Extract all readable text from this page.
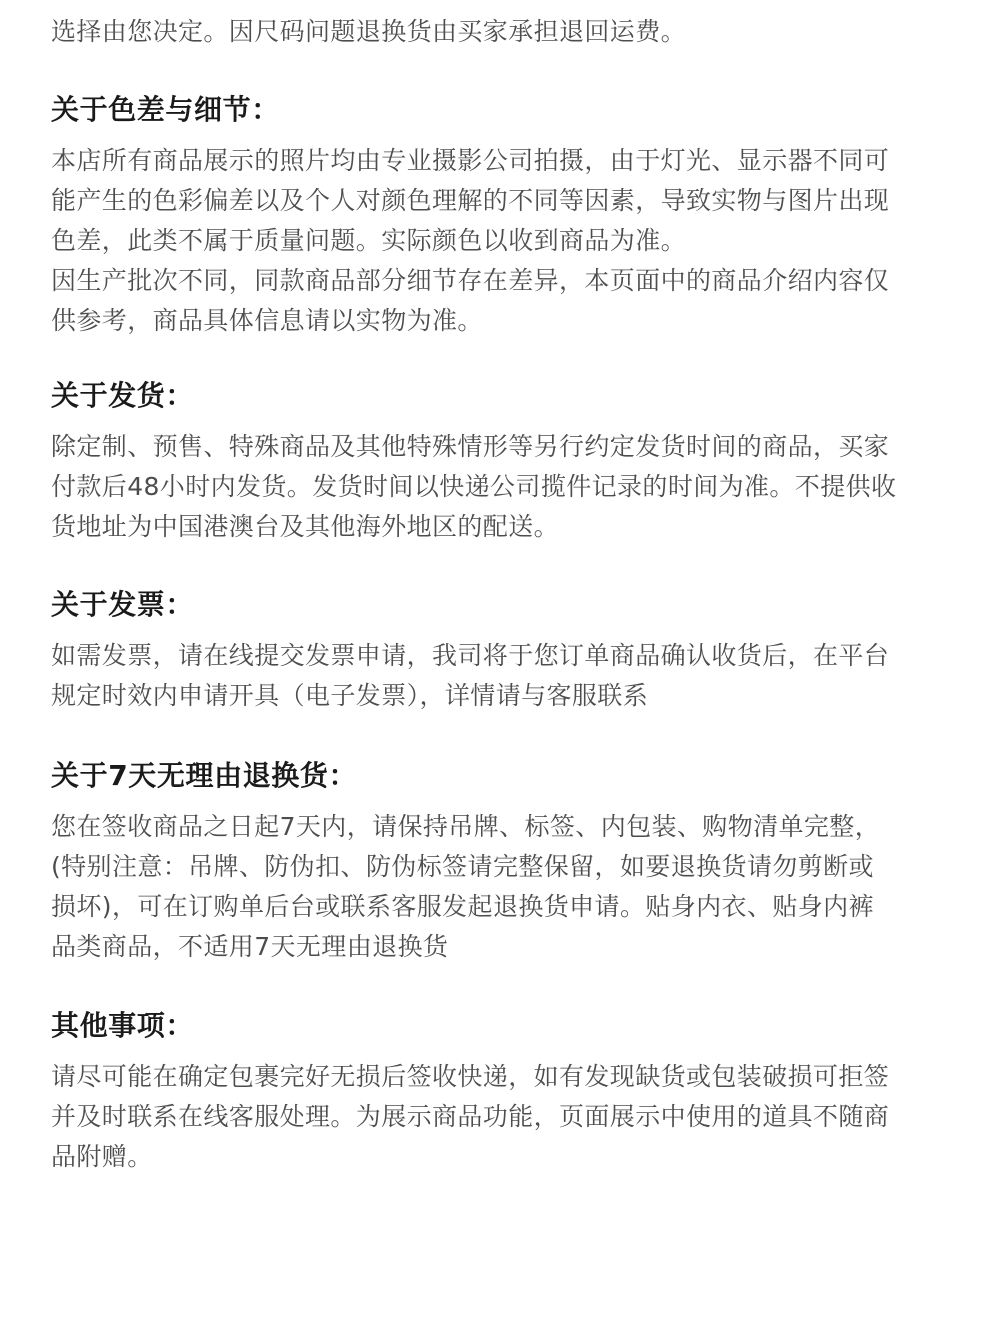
选择由您决定。因尺码问题退换货由买家承担退回运费。
关于色差与细节：
本店所有商品展示的照片均由专业摄影公司拍摄，由于灯光、显示器不同可
能产生的色彩偏差以及个人对颜色理解的不同等因素，导致实物与图片出现
色差，此类不属于质量问题。实际颜色以收到商品为准。
因生产批次不同，同款商品部分细节存在差异，本页面中的商品介绍内容仅
供参考，商品具体信息请以实物为准。
关于发货：
除定制、预售、特殊商品及其他特殊情形等另行约定发货时间的商品，买家
付款后48小时内发货。发货时间以快递公司揽件记录的时间为准。不提供收
货地址为中国港澳台及其他海外地区的配送。
关于发票：
如需发票，请在线提交发票申请，我司将于您订单商品确认收货后，在平台
规定时效内申请开具（电子发票），详情请与客服联系
关于7天无理由退换货：
您在签收商品之日起7天内，请保持吊牌、标签、内包装、购物清单完整，
(特别注意：吊牌、防伪扣、防伪标签请完整保留，如要退换货请勿剪断或
损坏)，可在订购单后台或联系客服发起退换货申请。贴身内衣、贴身内裤
品类商品，不适用7天无理由退换货
其他事项：
请尽可能在确定包裹完好无损后签收快递，如有发现缺货或包装破损可拒签
并及时联系在线客服处理。为展示商品功能，页面展示中使用的道具不随商
品附赠。
